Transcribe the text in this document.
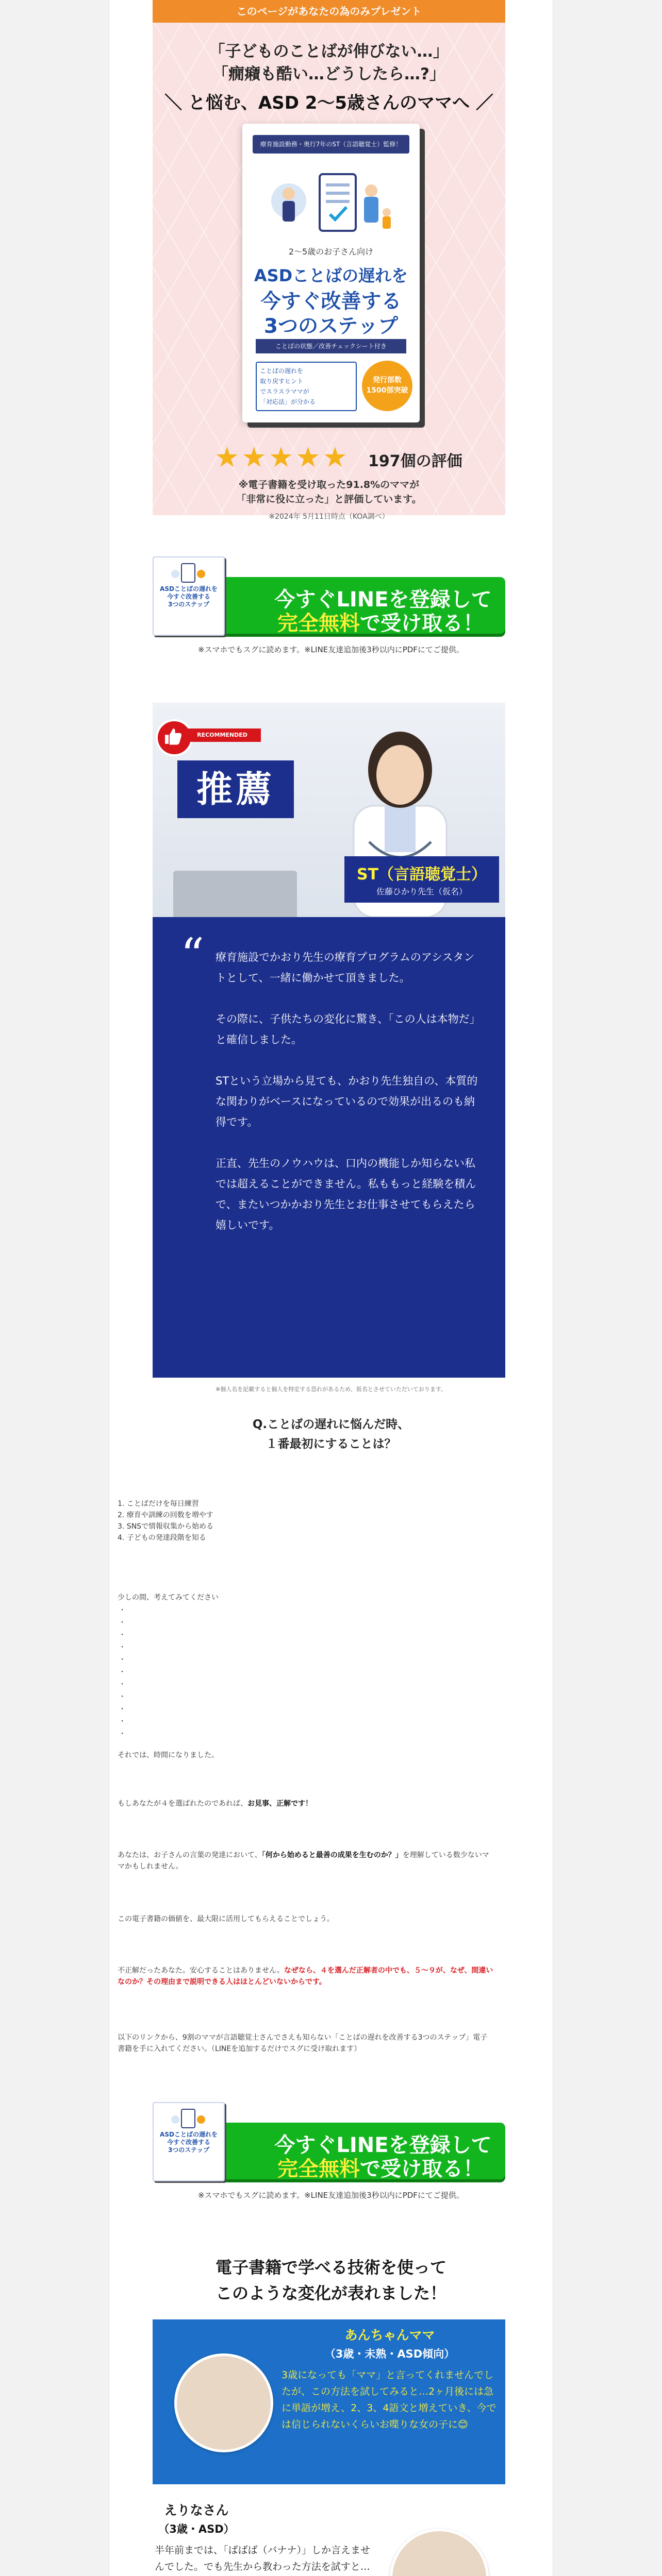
このページがあなたの為のみプレゼント
「子どものことばが伸びない…」
「癇癪も酷い…どうしたら…?」
＼ と悩む、ASD 2〜5歳さんのママへ ／
療育施設勤務・奥行7年のST（言語聴覚士）監修！
2〜5歳のお子さん向け
ASDことばの遅れを
今すぐ改善する
3つのステップ
ことばの状態／改善チェックシート付き
ことばの遅れを
取り戻すヒント
でスラスラママが
「対応法」が分かる
発行部数
1500部突破
★★★★★ 197個の評価
※電子書籍を受け取った91.8%のママが
「非常に役に立った」と評価しています。
※2024年 5月11日時点（KOA調べ）
今すぐLINEを登録して
完全無料で受け取る！
ASDことばの遅れを
今すぐ改善する
3つのステップ
※スマホでもスグに読めます。※LINE友達追加後3秒以内にPDFにてご提供。
RECOMMENDED
推薦
ST（言語聴覚士）
佐藤ひかり先生（仮名）
“ 療育施設でかおり先生の療育プログラムのアシスタントとして、一緒に働かせて頂きました。

その際に、子供たちの変化に驚き、「この人は本物だ」と確信しました。

STという立場から見ても、かおり先生独自の、本質的な関わりがベースになっているので効果が出るのも納得です。

正直、先生のノウハウは、口内の機能しか知らない私では超えることができません。私ももっと経験を積んで、またいつかかおり先生とお仕事させてもらえたら嬉しいです。

※個人名を記載すると個人を特定する恐れがあるため、仮名とさせていただいております。
Q.ことばの遅れに悩んだ時、
１番最初にすることは？
1. ことばだけを毎日練習
2. 療育や訓練の回数を増やす
3. SNSで情報収集から始める
4. 子どもの発達段階を知る
少しの間、考えてみてください
・
・
・
・
・
・
・
・
・
・
・
それでは、時間になりました。
もしあなたが４を選ばれたのであれば、お見事、正解です！
あなたは、お子さんの言葉の発達において、「何から始めると最善の成果を生むのか？」を理解している数少ないママかもしれません。
この電子書籍の価値を、最大限に活用してもらえることでしょう。
不正解だったあなた。安心することはありません。なぜなら、４を選んだ正解者の中でも、５〜９が、なぜ、間違いなのか？その理由まで説明できる人はほとんどいないからです。
以下のリンクから、9割のママが言語聴覚士さんでさえも知らない「ことばの遅れを改善する3つのステップ」電子書籍を手に入れてください。（LINEを追加するだけでスグに受け取れます）
今すぐLINEを登録して
完全無料で受け取る！
ASDことばの遅れを
今すぐ改善する
3つのステップ
※スマホでもスグに読めます。※LINE友達追加後3秒以内にPDFにてご提供。
電子書籍で学べる技術を使って
このような変化が表れました！
あんちゃんママ
（3歳・未熟・ASD傾向）
3歳になっても「ママ」と言ってくれませんでしたが、この方法を試してみると…2ヶ月後には急に単語が増え、2、3、4語文と増えていき、今では信じられないくらいお喋りな女の子に😊
えりなさん
（3歳・ASD）
半年前までは、「ばばば（バナナ）」しか言えませんでした。でも先生から教わった方法を試すと…
